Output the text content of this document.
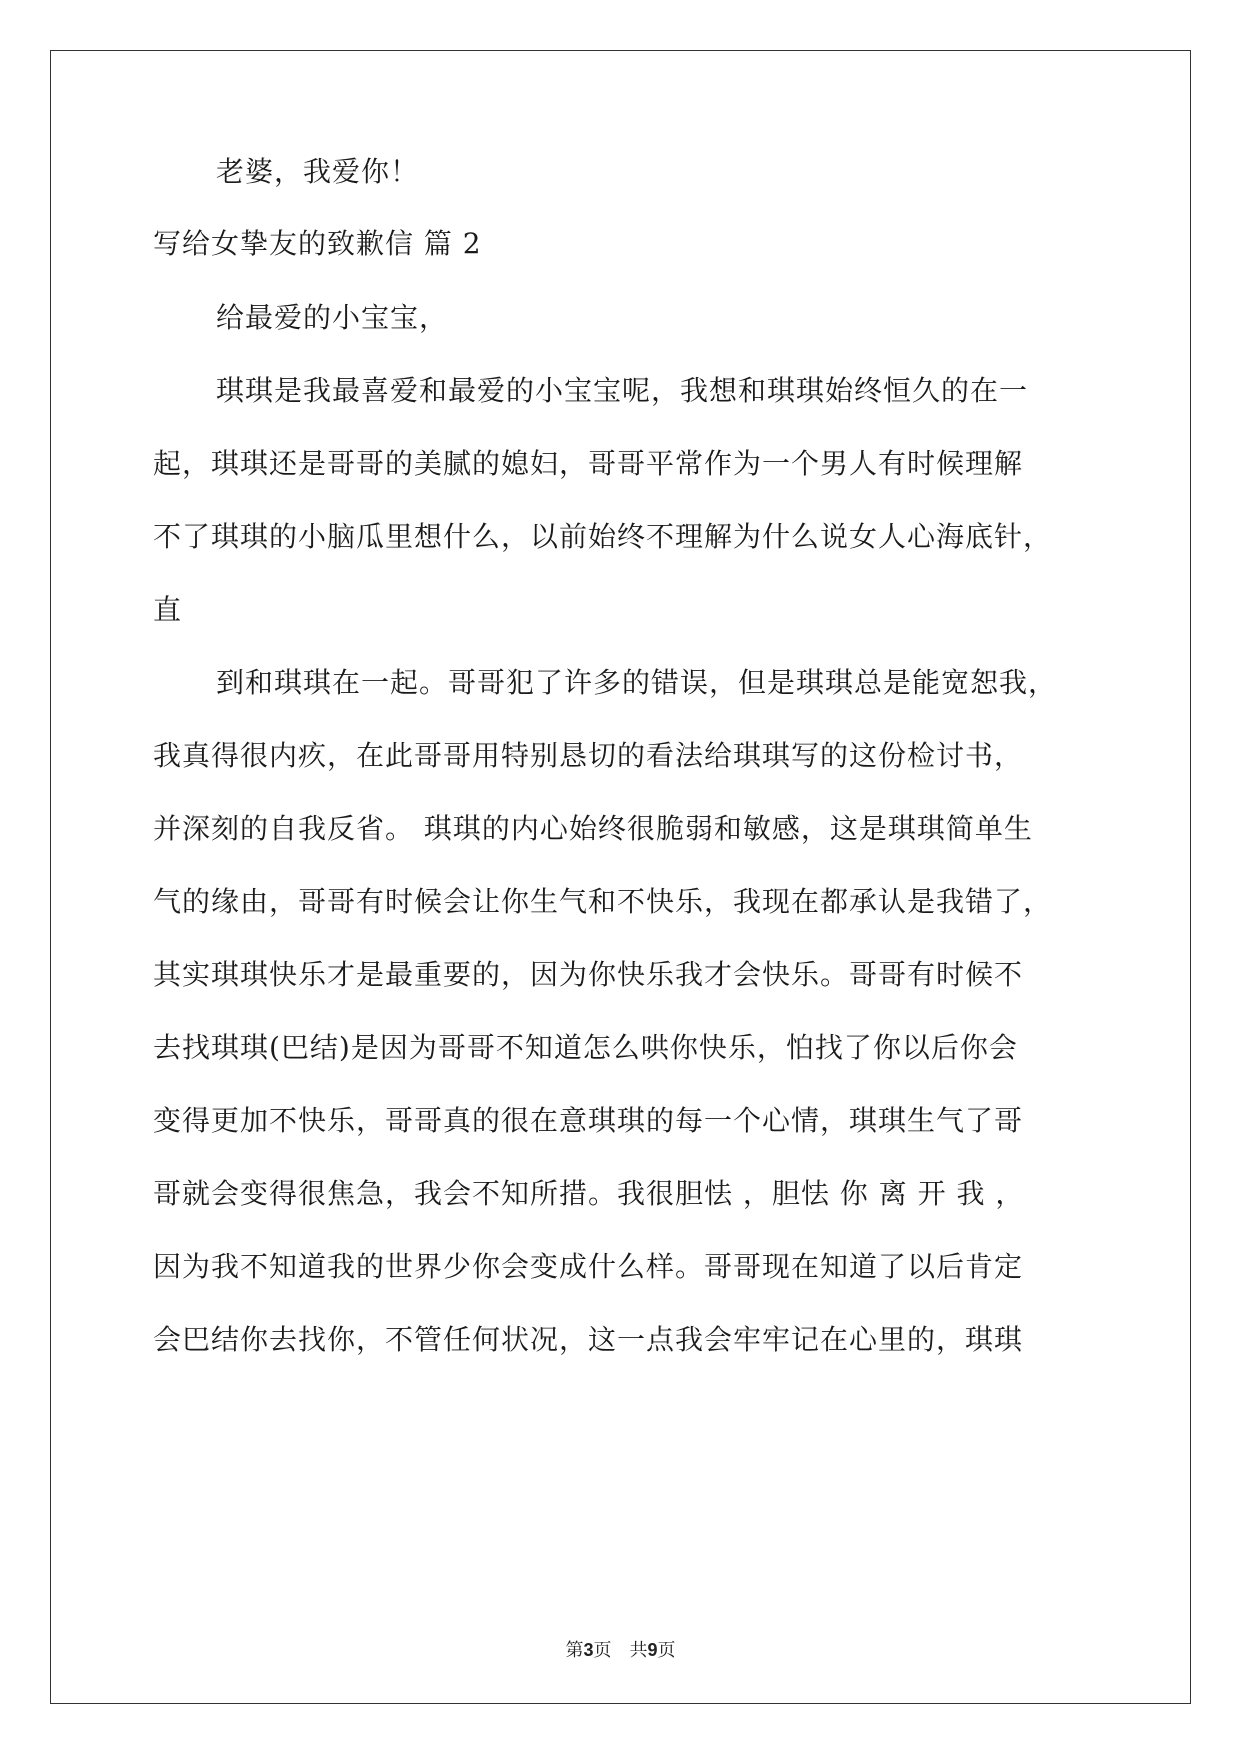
老婆，我爱你！
写给女挚友的致歉信 篇 2
给最爱的小宝宝，
琪琪是我最喜爱和最爱的小宝宝呢，我想和琪琪始终恒久的在一
起，琪琪还是哥哥的美腻的媳妇，哥哥平常作为一个男人有时候理解
不了琪琪的小脑瓜里想什么，以前始终不理解为什么说女人心海底针，
直
到和琪琪在一起。哥哥犯了许多的错误，但是琪琪总是能宽恕我，
我真得很内疚，在此哥哥用特别恳切的看法给琪琪写的这份检讨书，
并深刻的自我反省。 琪琪的内心始终很脆弱和敏感，这是琪琪简单生
气的缘由，哥哥有时候会让你生气和不快乐，我现在都承认是我错了，
其实琪琪快乐才是最重要的，因为你快乐我才会快乐。哥哥有时候不
去找琪琪(巴结)是因为哥哥不知道怎么哄你快乐，怕找了你以后你会
变得更加不快乐，哥哥真的很在意琪琪的每一个心情，琪琪生气了哥
哥就会变得很焦急，我会不知所措。我很胆怯 ，胆怯 你 离 开 我 ，
因为我不知道我的世界少你会变成什么样。哥哥现在知道了以后肯定
会巴结你去找你，不管任何状况，这一点我会牢牢记在心里的，琪琪
第3页　共9页
